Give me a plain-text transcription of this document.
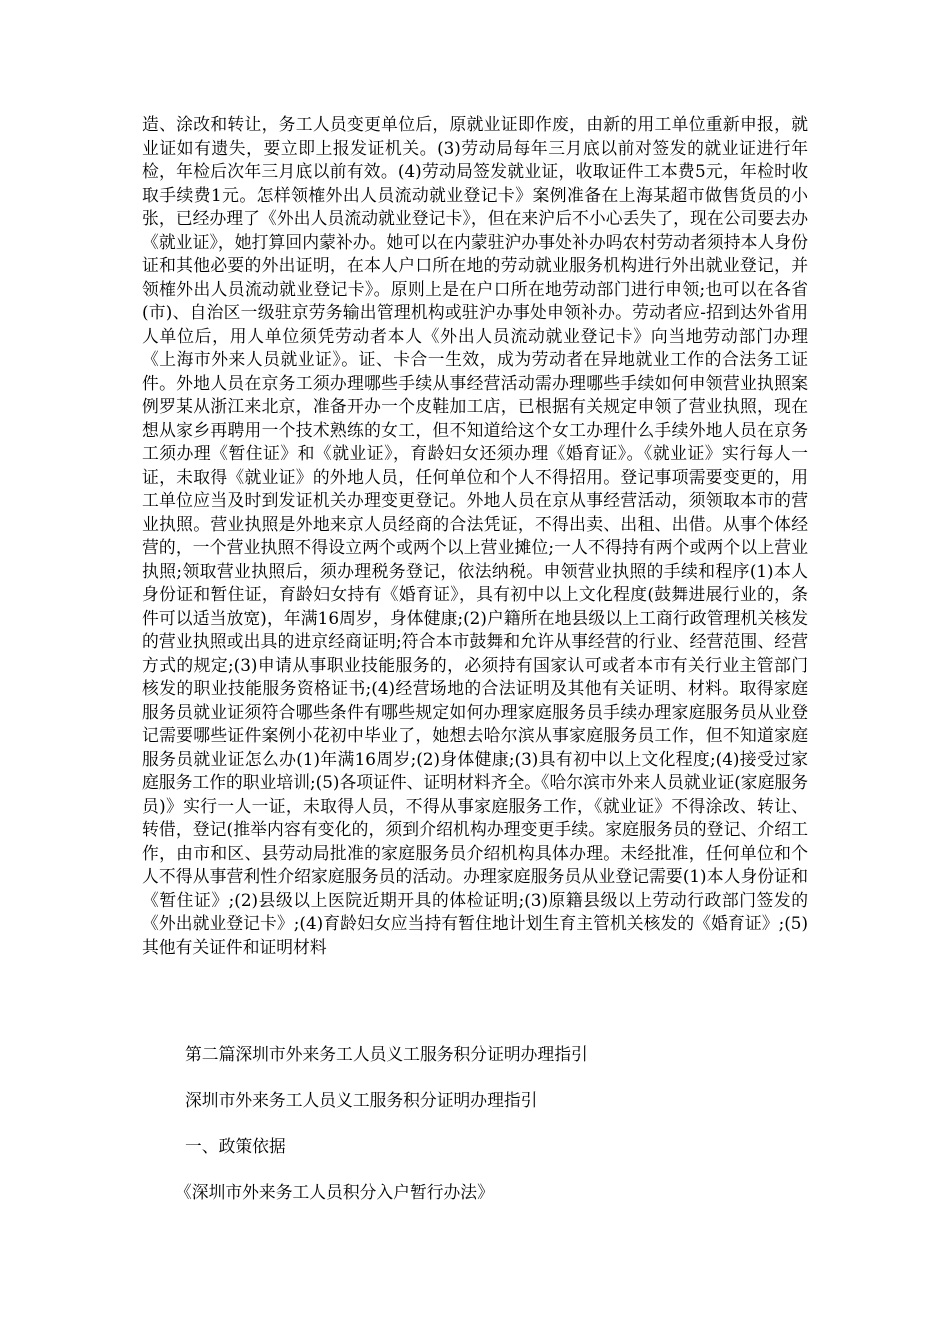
造、涂改和转让，务工人员变更单位后，原就业证即作废，由新的用工单位重新申报，就业证如有遗失，要立即上报发证机关。(3)劳动局每年三月底以前对签发的就业证进行年检，年检后次年三月底以前有效。(4)劳动局签发就业证，收取证件工本费5元，年检时收取手续费1元。怎样领榷外出人员流动就业登记卡》案例准备在上海某超市做售货员的小张，已经办理了《外出人员流动就业登记卡》，但在来沪后不小心丢失了，现在公司要去办《就业证》，她打算回内蒙补办。她可以在内蒙驻沪办事处补办吗农村劳动者须持本人身份证和其他必要的外出证明，在本人户口所在地的劳动就业服务机构进行外出就业登记，并领榷外出人员流动就业登记卡》。原则上是在户口所在地劳动部门进行申领;也可以在各省(市)、自治区一级驻京劳务输出管理机构或驻沪办事处申领补办。劳动者应-招到达外省用人单位后，用人单位须凭劳动者本人《外出人员流动就业登记卡》向当地劳动部门办理《上海市外来人员就业证》。证、卡合一生效，成为劳动者在异地就业工作的合法务工证件。外地人员在京务工须办理哪些手续从事经营活动需办理哪些手续如何申领营业执照案例罗某从浙江来北京，准备开办一个皮鞋加工店，已根据有关规定申领了营业执照，现在想从家乡再聘用一个技术熟练的女工，但不知道给这个女工办理什么手续外地人员在京务工须办理《暂住证》和《就业证》，育龄妇女还须办理《婚育证》。《就业证》实行每人一证，未取得《就业证》的外地人员，任何单位和个人不得招用。登记事项需要变更的，用工单位应当及时到发证机关办理变更登记。外地人员在京从事经营活动，须领取本市的营业执照。营业执照是外地来京人员经商的合法凭证，不得出卖、出租、出借。从事个体经营的，一个营业执照不得设立两个或两个以上营业摊位;一人不得持有两个或两个以上营业执照;领取营业执照后，须办理税务登记，依法纳税。申领营业执照的手续和程序(1)本人身份证和暂住证，育龄妇女持有《婚育证》，具有初中以上文化程度(鼓舞进展行业的，条件可以适当放宽)，年满16周岁，身体健康;(2)户籍所在地县级以上工商行政管理机关核发的营业执照或出具的进京经商证明;符合本市鼓舞和允许从事经营的行业、经营范围、经营方式的规定;(3)申请从事职业技能服务的，必须持有国家认可或者本市有关行业主管部门核发的职业技能服务资格证书;(4)经营场地的合法证明及其他有关证明、材料。取得家庭服务员就业证须符合哪些条件有哪些规定如何办理家庭服务员手续办理家庭服务员从业登记需要哪些证件案例小花初中毕业了，她想去哈尔滨从事家庭服务员工作，但不知道家庭服务员就业证怎么办(1)年满16周岁;(2)身体健康;(3)具有初中以上文化程度;(4)接受过家庭服务工作的职业培训;(5)各项证件、证明材料齐全。《哈尔滨市外来人员就业证(家庭服务员)》实行一人一证，未取得人员，不得从事家庭服务工作，《就业证》不得涂改、转让、转借，登记(推举内容有变化的，须到介绍机构办理变更手续。家庭服务员的登记、介绍工作，由市和区、县劳动局批准的家庭服务员介绍机构具体办理。未经批准，任何单位和个人不得从事营利性介绍家庭服务员的活动。办理家庭服务员从业登记需要(1)本人身份证和《暂住证》;(2)县级以上医院近期开具的体检证明;(3)原籍县级以上劳动行政部门签发的《外出就业登记卡》;(4)育龄妇女应当持有暂住地计划生育主管机关核发的《婚育证》;(5)其他有关证件和证明材料

第二篇深圳市外来务工人员义工服务积分证明办理指引

深圳市外来务工人员义工服务积分证明办理指引

一、政策依据

《深圳市外来务工人员积分入户暂行办法》
